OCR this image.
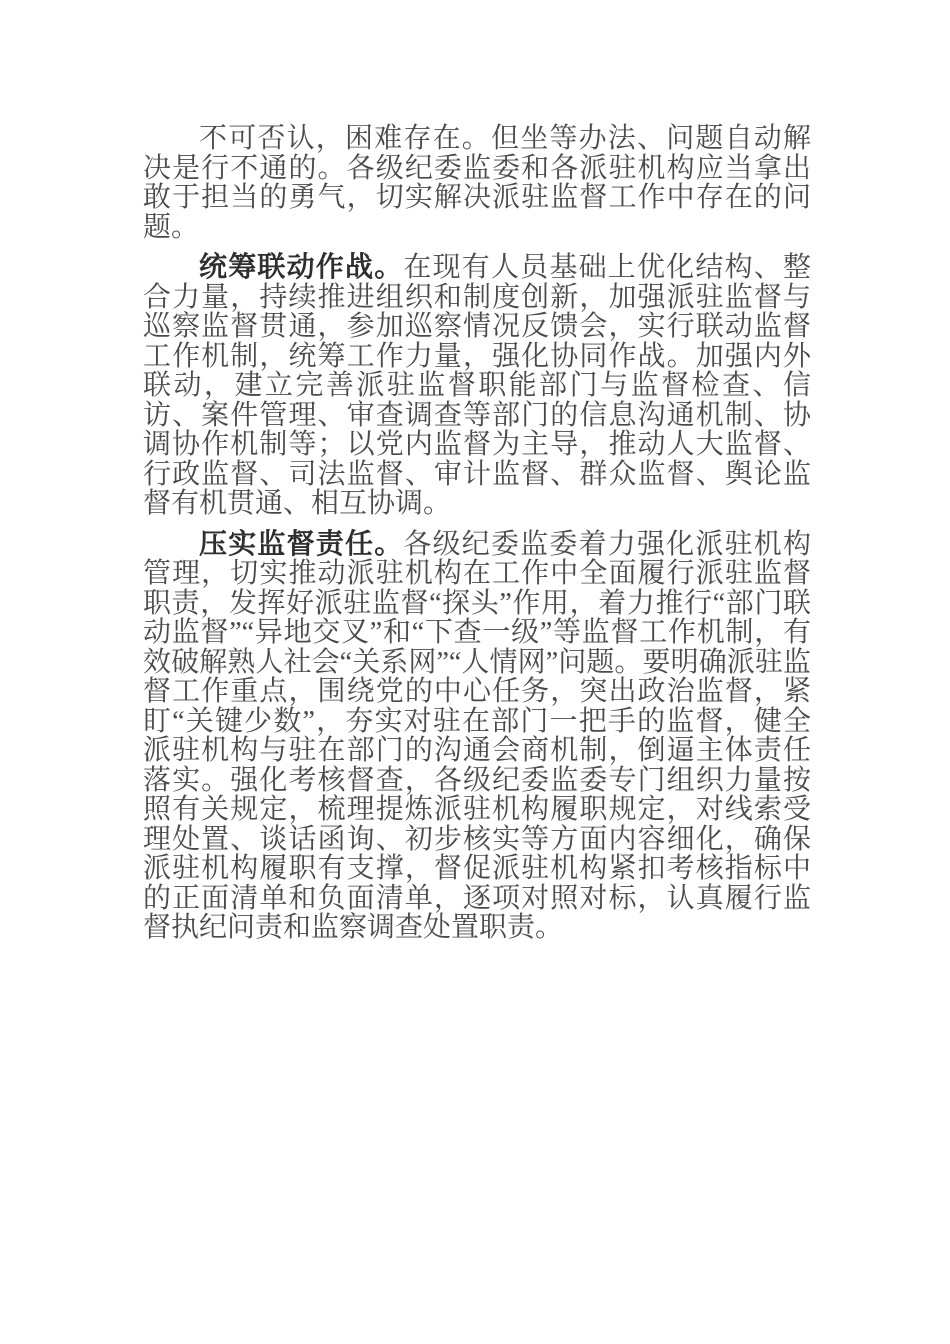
不可否认，困难存在。但坐等办法、问题自动解决是行不通的。各级纪委监委和各派驻机构应当拿出敢于担当的勇气，切实解决派驻监督工作中存在的问题。

统筹联动作战。在现有人员基础上优化结构、整合力量，持续推进组织和制度创新，加强派驻监督与巡察监督贯通，参加巡察情况反馈会，实行联动监督工作机制，统筹工作力量，强化协同作战。加强内外联动，建立完善派驻监督职能部门与监督检查、信访、案件管理、审查调查等部门的信息沟通机制、协调协作机制等；以党内监督为主导，推动人大监督、行政监督、司法监督、审计监督、群众监督、舆论监督有机贯通、相互协调。

压实监督责任。各级纪委监委着力强化派驻机构管理，切实推动派驻机构在工作中全面履行派驻监督职责，发挥好派驻监督“探头”作用，着力推行“部门联动监督”“异地交叉”和“下查一级”等监督工作机制，有效破解熟人社会“关系网”“人情网”问题。要明确派驻监督工作重点，围绕党的中心任务，突出政治监督，紧盯“关键少数”，夯实对驻在部门一把手的监督，健全派驻机构与驻在部门的沟通会商机制，倒逼主体责任落实。强化考核督查，各级纪委监委专门组织力量按照有关规定，梳理提炼派驻机构履职规定，对线索受理处置、谈话函询、初步核实等方面内容细化，确保派驻机构履职有支撑，督促派驻机构紧扣考核指标中的正面清单和负面清单，逐项对照对标，认真履行监督执纪问责和监察调查处置职责。
